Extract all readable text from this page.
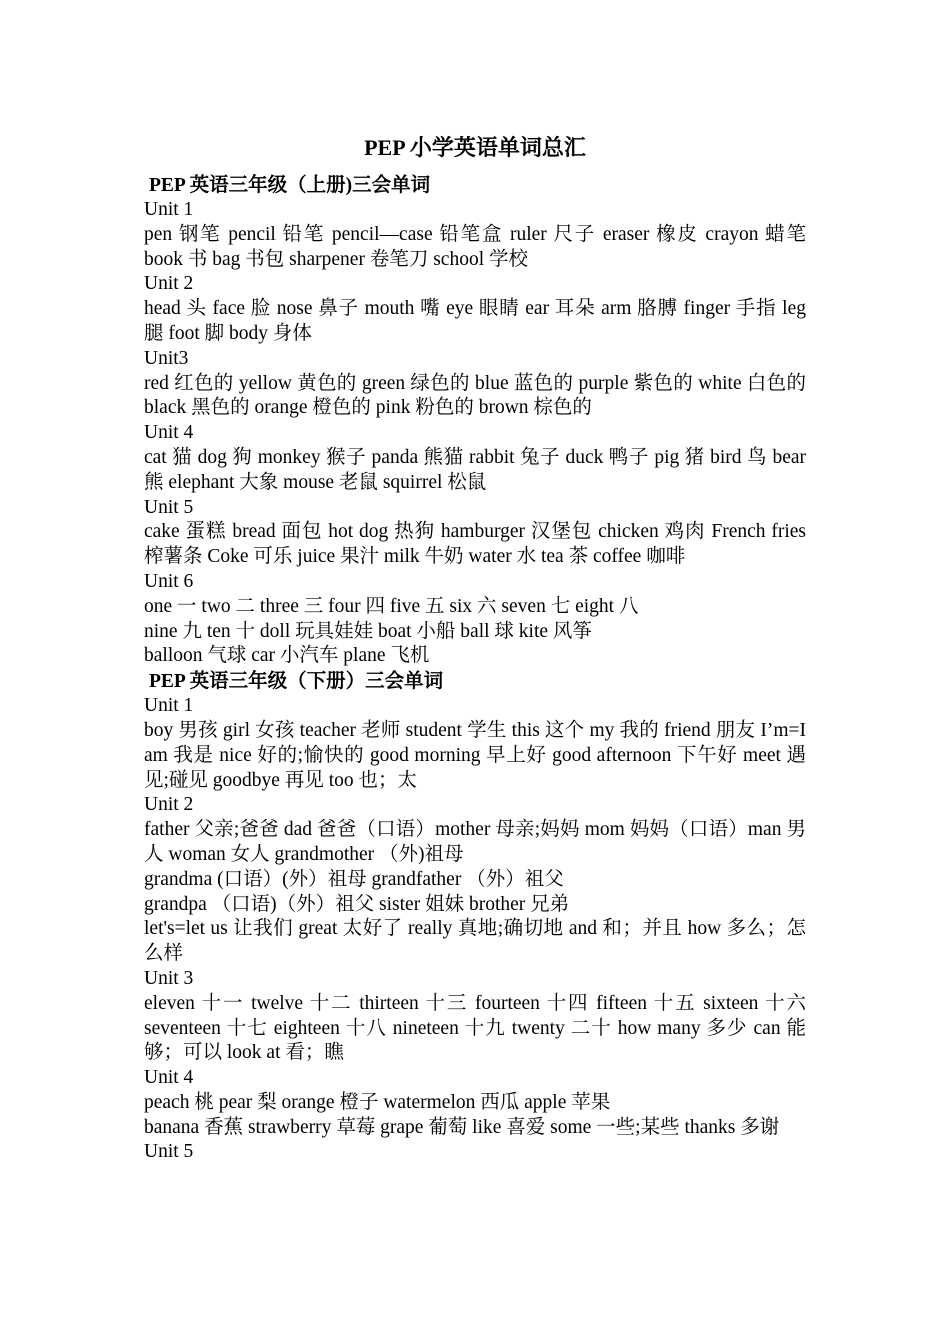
PEP 小学英语单词总汇
PEP 英语三年级（上册)三会单词
Unit 1
pen 钢笔 pencil 铅笔 pencil—case 铅笔盒 ruler 尺子 eraser 橡皮 crayon 蜡笔 book 书 bag 书包 sharpener 卷笔刀 school 学校
Unit 2
head 头 face 脸 nose 鼻子 mouth 嘴 eye 眼睛 ear 耳朵 arm 胳膊 finger 手指 leg 腿 foot 脚 body 身体
Unit3
red 红色的 yellow 黄色的 green 绿色的 blue 蓝色的 purple 紫色的 white 白色的 black 黑色的 orange 橙色的 pink 粉色的 brown 棕色的
Unit 4
cat 猫 dog 狗 monkey 猴子 panda 熊猫 rabbit 兔子 duck 鸭子 pig 猪 bird 鸟 bear 熊 elephant 大象 mouse 老鼠 squirrel 松鼠
Unit 5
cake 蛋糕 bread 面包 hot dog 热狗 hamburger 汉堡包 chicken 鸡肉 French fries 榨薯条 Coke 可乐 juice 果汁 milk 牛奶 water 水 tea 茶 coffee 咖啡
Unit 6
one 一 two 二 three 三 four 四 five 五 six 六 seven 七 eight 八
nine 九 ten 十 doll 玩具娃娃 boat 小船 ball 球 kite 风筝
balloon 气球 car 小汽车 plane 飞机
PEP 英语三年级（下册）三会单词
Unit 1
boy 男孩 girl 女孩 teacher 老师 student 学生 this 这个 my 我的 friend 朋友 I’m=I am 我是 nice 好的;愉快的 good morning 早上好 good afternoon 下午好 meet 遇见;碰见 goodbye 再见 too 也；太
Unit 2
father 父亲;爸爸 dad 爸爸（口语）mother 母亲;妈妈 mom 妈妈（口语）man 男人 woman 女人 grandmother （外)祖母
grandma (口语）(外）祖母 grandfather （外）祖父
grandpa （口语)（外）祖父 sister 姐妹 brother 兄弟
let's=let us 让我们 great 太好了 really 真地;确切地 and 和；并且 how 多么；怎么样
Unit 3
eleven 十一 twelve 十二 thirteen 十三 fourteen 十四 fifteen 十五 sixteen 十六 seventeen 十七 eighteen 十八 nineteen 十九 twenty 二十 how many 多少 can 能够；可以 look at 看；瞧
Unit 4
peach 桃 pear 梨 orange 橙子 watermelon 西瓜 apple 苹果
banana 香蕉 strawberry 草莓 grape 葡萄 like 喜爱 some 一些;某些 thanks 多谢
Unit 5
